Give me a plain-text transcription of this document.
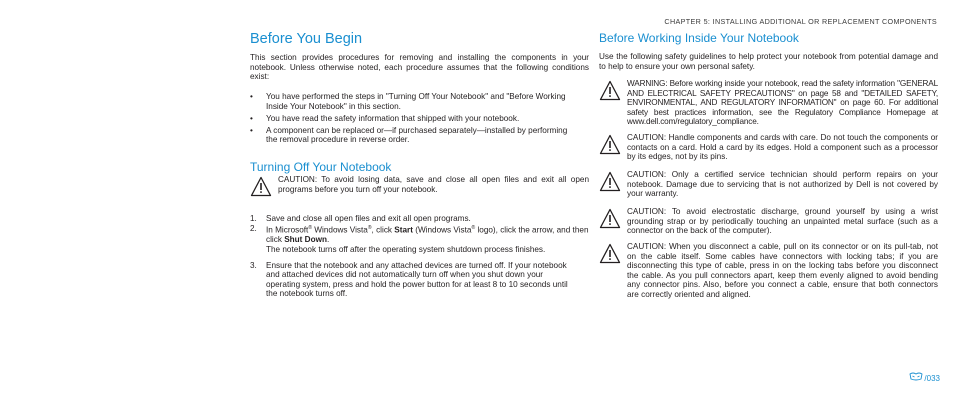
CHAPTER 5: INSTALLING ADDITIONAL OR REPLACEMENT COMPONENTS
Before You Begin

This section provides procedures for removing and installing the components in your notebook. Unless otherwise noted, each procedure assumes that the following conditions exist:

•	You have performed the steps in "Turning Off Your Notebook" and "Before Working Inside Your Notebook" in this section.
•	You have read the safety information that shipped with your notebook.
•	A component can be replaced or—if purchased separately—installed by performing the removal procedure in reverse order.
Turning Off Your Notebook
CAUTION: To avoid losing data, save and close all open files and exit all open programs before you turn off your notebook.
1. Save and close all open files and exit all open programs.
2. In Microsoft® Windows Vista®, click Start (Windows Vista® logo), click the arrow, and then click Shut Down.
The notebook turns off after the operating system shutdown process finishes.
3. Ensure that the notebook and any attached devices are turned off. If your notebook and attached devices did not automatically turn off when you shut down your operating system, press and hold the power button for at least 8 to 10 seconds until the notebook turns off.
Before Working Inside Your Notebook

Use the following safety guidelines to help protect your notebook from potential damage and to help to ensure your own personal safety.

WARNING: Before working inside your notebook, read the safety information "GENERAL AND ELECTRICAL SAFETY PRECAUTIONS" on page 58 and "DETAILED SAFETY, ENVIRONMENTAL, AND REGULATORY INFORMATION" on page 60. For additional safety best practices information, see the Regulatory Compliance Homepage at www.dell.com/regulatory_compliance.
CAUTION: Handle components and cards with care. Do not touch the components or contacts on a card. Hold a card by its edges. Hold a component such as a processor by its edges, not by its pins.
CAUTION: Only a certified service technician should perform repairs on your notebook. Damage due to servicing that is not authorized by Dell is not covered by your warranty.
CAUTION: To avoid electrostatic discharge, ground yourself by using a wrist grounding strap or by periodically touching an unpainted metal surface (such as a connector on the back of the computer).
CAUTION: When you disconnect a cable, pull on its connector or on its pull-tab, not on the cable itself. Some cables have connectors with locking tabs; if you are disconnecting this type of cable, press in on the locking tabs before you disconnect the cable. As you pull connectors apart, keep them evenly aligned to avoid bending any connector pins. Also, before you connect a cable, ensure that both connectors are correctly oriented and aligned.
/ 033
